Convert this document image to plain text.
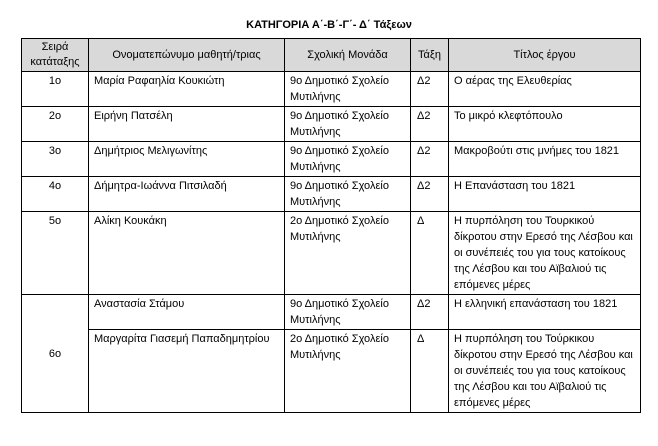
ΚΑΤΗΓΟΡΙΑ Α΄-Β΄-Γ΄- Δ΄ Τάξεων
Σειρά κατάταξης	Ονοματεπώνυμο μαθητή/τριας	Σχολική Μονάδα	Τάξη	Τίτλος έργου
1ο	Μαρία Ραφαηλία Κουκιώτη	9ο Δημοτικό Σχολείο Μυτιλήνης	Δ2	Ο αέρας της Ελευθερίας
2ο	Ειρήνη Πατσέλη	9ο Δημοτικό Σχολείο Μυτιλήνης	Δ2	Το μικρό κλεφτόπουλο
3ο	Δημήτριος Μελιγωνίτης	9ο Δημοτικό Σχολείο Μυτιλήνης	Δ2	Μακροβούτι στις μνήμες του 1821
4ο	Δήμητρα-Ιωάννα Πιτσιλαδή	9ο Δημοτικό Σχολείο Μυτιλήνης	Δ2	Η Επανάσταση του 1821
5ο	Αλίκη Κουκάκη	2ο Δημοτικό Σχολείο Μυτιλήνης	Δ	Η πυρπόληση του Τουρκικού δίκροτου στην Ερεσό της Λέσβου και οι συνέπειές του για τους κατοίκους της Λέσβου και του Αϊβαλιού τις επόμενες μέρες
6ο	Αναστασία Στάμου	9ο Δημοτικό Σχολείο Μυτιλήνης	Δ2	Η ελληνική επανάσταση του 1821
	Μαργαρίτα Γιασεμή Παπαδημητρίου	2ο Δημοτικό Σχολείο Μυτιλήνης	Δ	Η πυρπόληση του Τούρκικου δίκροτου στην Ερεσό της Λέσβου και οι συνέπειές του για τους κατοίκους της Λέσβου και του Αϊβαλιού τις επόμενες μέρες
